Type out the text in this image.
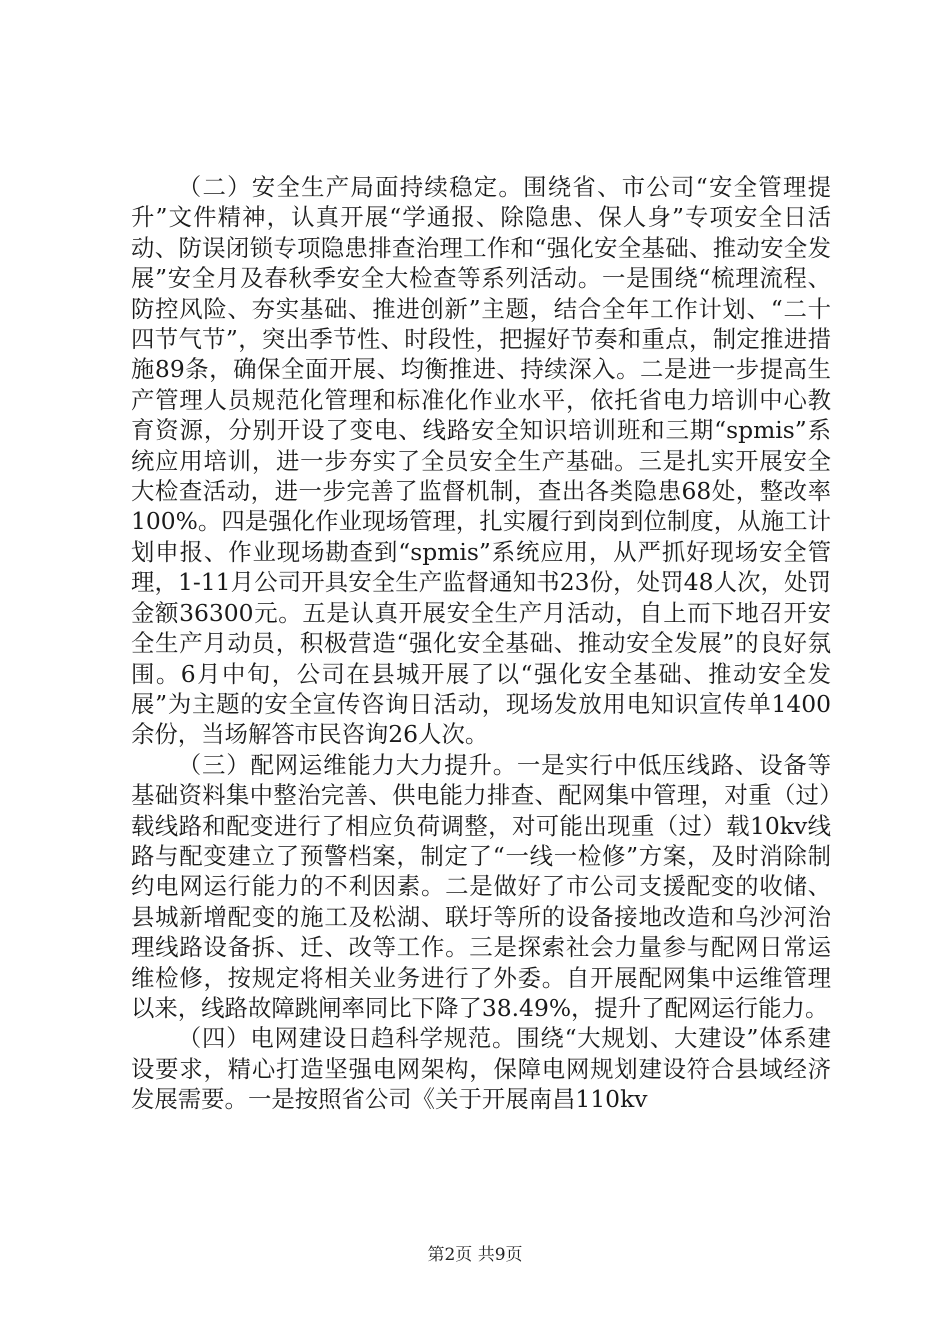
（二）安全生产局面持续稳定。围绕省、市公司“安全管理提升”文件精神，认真开展“学通报、除隐患、保人身”专项安全日活动、防误闭锁专项隐患排查治理工作和“强化安全基础、推动安全发展”安全月及春秋季安全大检查等系列活动。一是围绕“梳理流程、防控风险、夯实基础、推进创新”主题，结合全年工作计划、“二十四节气节”，突出季节性、时段性，把握好节奏和重点，制定推进措施89条，确保全面开展、均衡推进、持续深入。二是进一步提高生产管理人员规范化管理和标准化作业水平，依托省电力培训中心教育资源，分别开设了变电、线路安全知识培训班和三期“spmis”系统应用培训，进一步夯实了全员安全生产基础。三是扎实开展安全大检查活动，进一步完善了监督机制，查出各类隐患68处，整改率100%。四是强化作业现场管理，扎实履行到岗到位制度，从施工计划申报、作业现场勘查到“spmis”系统应用，从严抓好现场安全管理，1-11月公司开具安全生产监督通知书23份，处罚48人次，处罚金额36300元。五是认真开展安全生产月活动，自上而下地召开安全生产月动员，积极营造“强化安全基础、推动安全发展”的良好氛围。6月中旬，公司在县城开展了以“强化安全基础、推动安全发展”为主题的安全宣传咨询日活动，现场发放用电知识宣传单1400余份，当场解答市民咨询26人次。

（三）配网运维能力大力提升。一是实行中低压线路、设备等基础资料集中整治完善、供电能力排查、配网集中管理，对重（过）载线路和配变进行了相应负荷调整，对可能出现重（过）载10kv线路与配变建立了预警档案，制定了“一线一检修”方案，及时消除制约电网运行能力的不利因素。二是做好了市公司支援配变的收储、县城新增配变的施工及松湖、联圩等所的设备接地改造和乌沙河治理线路设备拆、迁、改等工作。三是探索社会力量参与配网日常运维检修，按规定将相关业务进行了外委。自开展配网集中运维管理以来，线路故障跳闸率同比下降了38.49%，提升了配网运行能力。

（四）电网建设日趋科学规范。围绕“大规划、大建设”体系建设要求，精心打造坚强电网架构，保障电网规划建设符合县域经济发展需要。一是按照省公司《关于开展南昌110kv

第2页 共9页
